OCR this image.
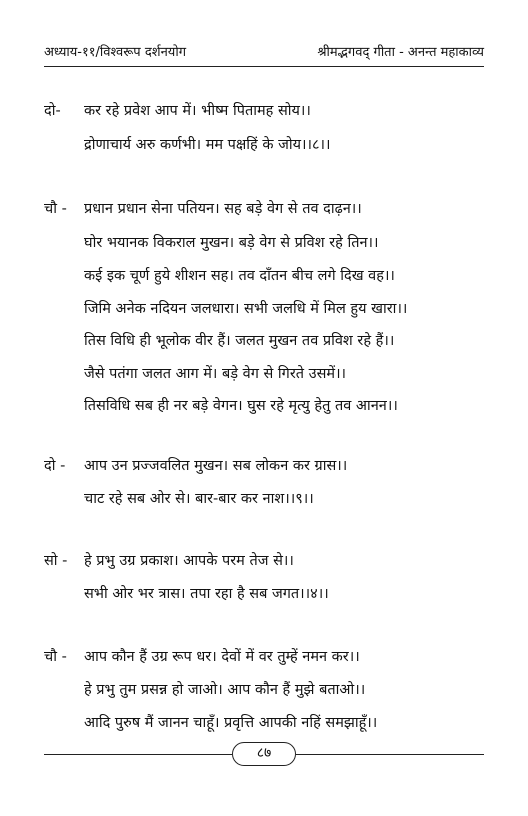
अध्याय-११/विश्वरूप दर्शनयोग	श्रीमद्भगवद् गीता - अनन्त महाकाव्य
दो- कर रहे प्रवेश आप में। भीष्म पितामह सोय।।
द्रोणाचार्य अरु कर्णभी। मम पक्षहिं के जोय।।८।।
चौ - प्रधान प्रधान सेना पतियन। सह बड़े वेग से तव दाढ़न।।
घोर भयानक विकराल मुखन। बड़े वेग से प्रविश रहे तिन।।
कई इक चूर्ण हुये शीशन सह। तव दाँतन बीच लगे दिख वह।।
जिमि अनेक नदियन जलधारा। सभी जलधि में मिल हुय खारा।।
तिस विधि ही भूलोक वीर हैं। जलत मुखन तव प्रविश रहे हैं।।
जैसे पतंगा जलत आग में। बड़े वेग से गिरते उसमें।।
तिसविधि सब ही नर बड़े वेगन। घुस रहे मृत्यु हेतु तव आनन।।
दो - आप उन प्रज्जवलित मुखन। सब लोकन कर ग्रास।।
चाट रहे सब ओर से। बार-बार कर नाश।।९।।
सो - हे प्रभु उग्र प्रकाश। आपके परम तेज से।।
सभी ओर भर त्रास। तपा रहा है सब जगत।।४।।
चौ - आप कौन हैं उग्र रूप धर। देवों में वर तुम्हें नमन कर।।
हे प्रभु तुम प्रसन्न हो जाओ। आप कौन हैं मुझे बताओ।।
आदि पुरुष मैं जानन चाहूँ। प्रवृत्ति आपकी नहिं समझाहूँ।।
८७
